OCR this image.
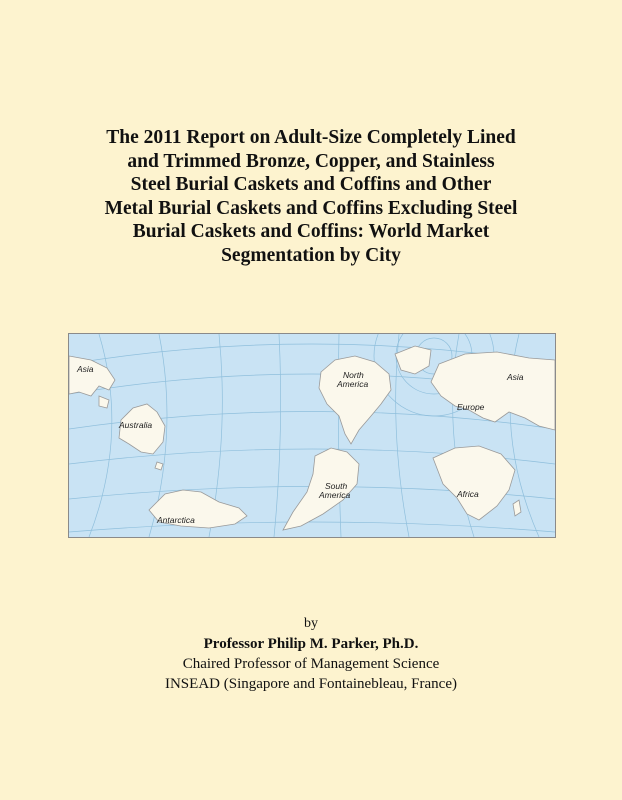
The 2011 Report on Adult-Size Completely Lined
and Trimmed Bronze, Copper, and Stainless
Steel Burial Caskets and Coffins and Other
Metal Burial Caskets and Coffins Excluding Steel
Burial Caskets and Coffins: World Market
Segmentation by City
Asia
Australia
Antarctica
North
America
South
America
Asia
Europe
Africa
by
Professor Philip M. Parker, Ph.D.
Chaired Professor of Management Science
INSEAD (Singapore and Fontainebleau, France)
